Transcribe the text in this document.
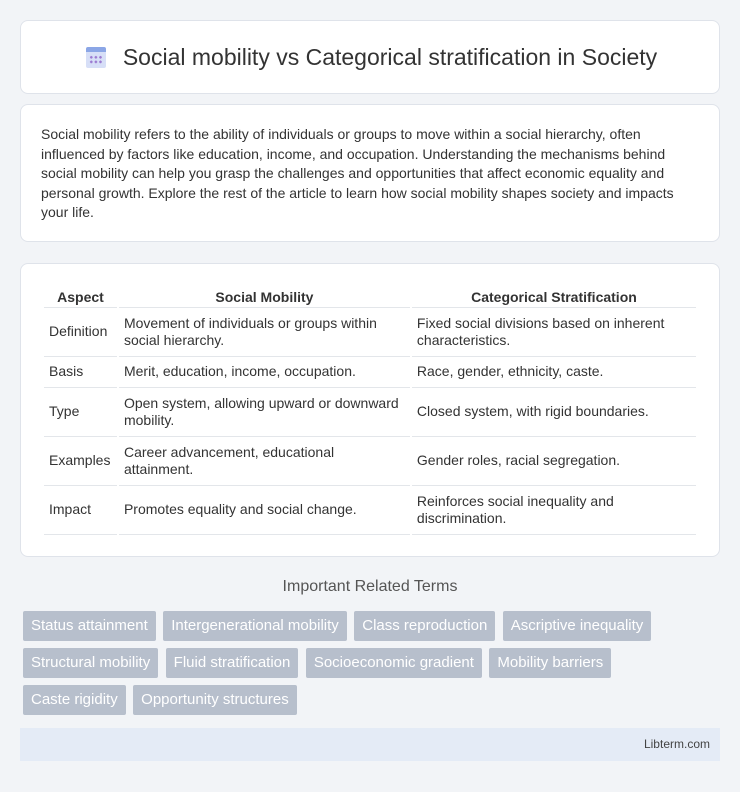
Social mobility vs Categorical stratification in Society

Social mobility refers to the ability of individuals or groups to move within a social hierarchy, often influenced by factors like education, income, and occupation. Understanding the mechanisms behind social mobility can help you grasp the challenges and opportunities that affect economic equality and personal growth. Explore the rest of the article to learn how social mobility shapes society and impacts your life.

Aspect	Social Mobility	Categorical Stratification
Definition	Movement of individuals or groups within social hierarchy.	Fixed social divisions based on inherent characteristics.
Basis	Merit, education, income, occupation.	Race, gender, ethnicity, caste.
Type	Open system, allowing upward or downward mobility.	Closed system, with rigid boundaries.
Examples	Career advancement, educational attainment.	Gender roles, racial segregation.
Impact	Promotes equality and social change.	Reinforces social inequality and discrimination.
Important Related Terms
Status attainment Intergenerational mobility Class reproduction Ascriptive inequality Structural mobility Fluid stratification Socioeconomic gradient Mobility barriers Caste rigidity Opportunity structures
Libterm.com
